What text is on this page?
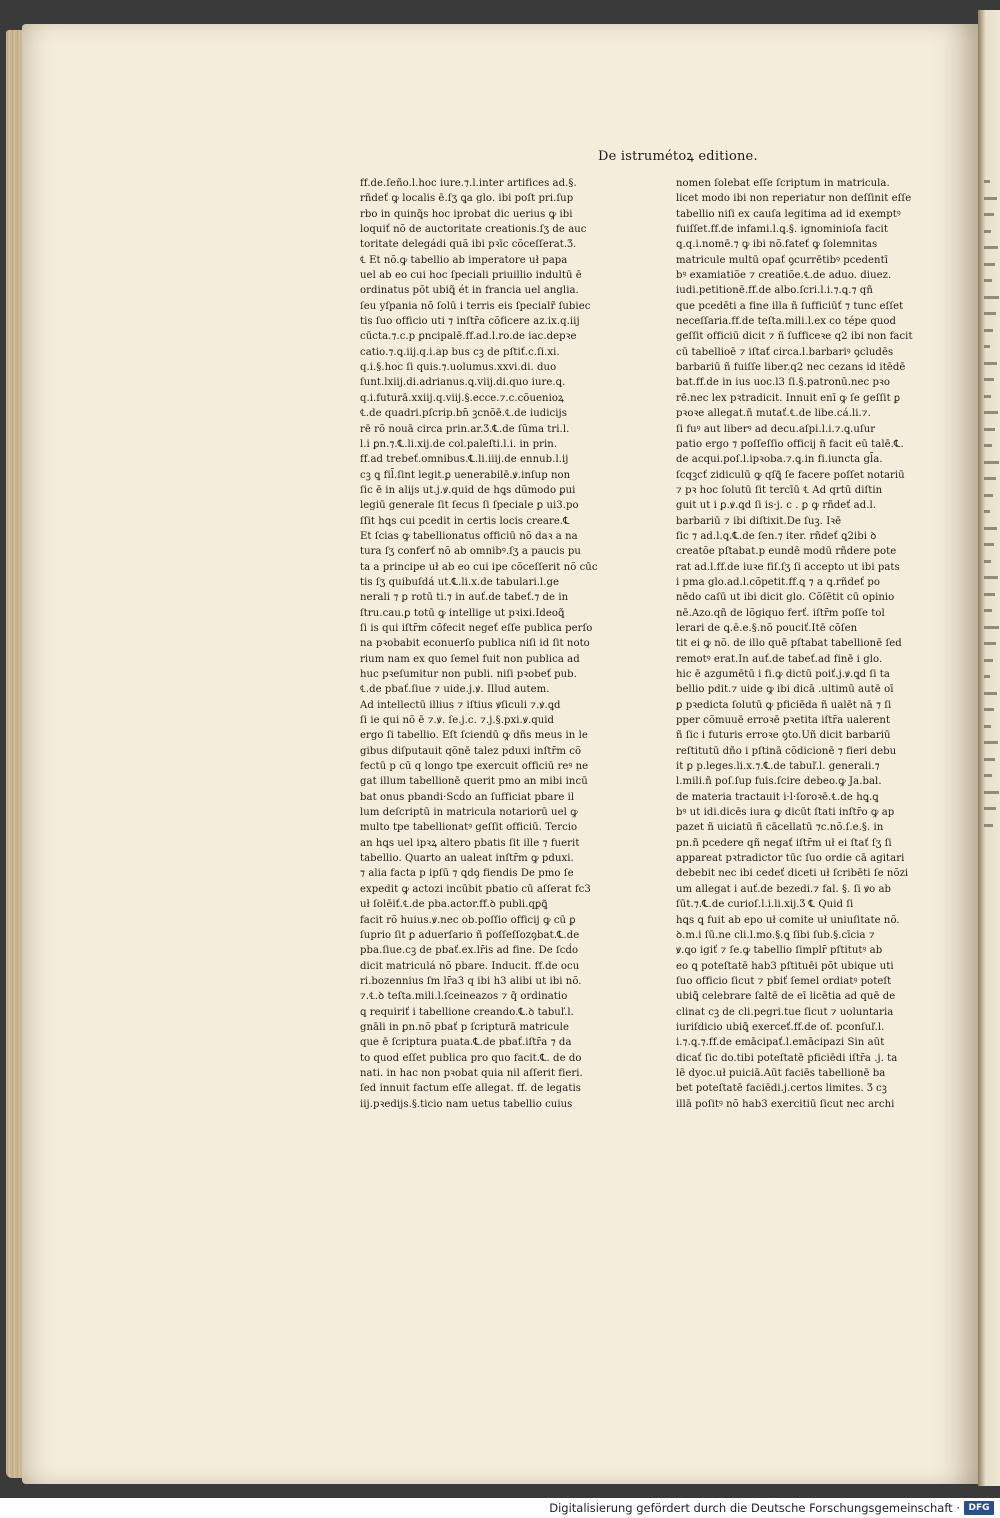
De istrumétoꝝ editione.
ff.de.ſeño.l.hoc iure.⁊.l.inter artifices ad.§.
rñdeť ꝙ localis ē.ſʒ ꝗa glo. ibi poſt pri.ſup
rbo in quinꝗ̃s hoc iprobat dic uerius ꝙ ibi
loquiť nõ de auctoritate creationis.ſʒ de auc
toritate delegádi quã ibi pꝛīc cõceſſerat.Ʒ.
℄ Et nõ.ꝙ tabellio ab imperatore uł papa
uel ab eo cui hoc ſpeciali priuillio indultū ē
ordinatus põt ubiꝗ̃ ét in francia uel anglia.
ſeu yſpania nõ ſolū i terris eis ſpecialr̃ ſubiec
tis ſuo officio uti ⁊ inſtr̄a cõficere az.ix.q.iij
cūcta.⁊.c.p ꝑncipalē.ff.ad.l.ro.de iac.depꝛe
catio.⁊.ꝗ.iij.q.i.ap bus cꝫ de pſtiť.c.ſi.xi.
q.i.§.hoc ſi quis.⁊.uolumus.xxvi.di. duo
ſunt.lxiij.di.adrianus.ꝗ.viij.di.quo iure.ꝗ.
q.i.futurā.xxiij.q.viij.§.ecce.⁊.c.cõuenioꝝ
℄.de quadri.pſcrip.bn̄ ꝫcnõē.℄.de iudicijs
rē rõ nouā circa prin.ar.Ʒ.℄.de ſũma tri.l.
l.i ꝑn.⁊.℄.li.xij.de col.paleſti.l.i. in prin.
ff.ad trebeť.omnibus.℄.li.iiij.de ennub.l.ij
cꝫ ꝗ fil̄.ſint legit.ꝑ uenerabilē.ꝟ.inſup non
ſic ē in alijs ut.j.ꝟ.quid de hꝗs dũmodo ꝑui
legiū generale ſit ſecus ſi ſpeciale ꝑ ui3.po
ſſit hꝗs cui pcedit in certis locis creare.℄
Et ſcias ꝙ tabellionatus officiū nõ daꝛ a na
tura ſʒ conferť nõ ab omnibꝰ.ſʒ a paucis pu
ta a principe uł ab eo cui ipe cõceſſerit nõ cūc
tis ſʒ quibuſdá ut.℄.li.x.de tabulari.l.ge
nerali ⁊ ꝑ rotū ti.⁊ in auť.de tabeť.⁊ de in
ſtru.cau.ꝑ totū ꝙ intellige ut pꝛixi.Ideoꝗ̃
ſi is qui iſtr̄m cõfecit negeť eſſe publica perſo
na pꝛobabit econuerſo publica niſi id ſit noto
rium nam ex quo ſemel fuit non publica ad
huc pꝛeſumitur non publi. niſi pꝛobeť pub.
℄.de pbať.ſiue ⁊ uide.j.ꝟ. Illud autem.
Ad intellectū illius ⁊ iſtius ꝟſiculi ⁊.ꝟ.ꝗd
ſi ie qui nõ ē ⁊.ꝟ. ſe.j.c. ⁊.j.§.pxi.ꝟ.quid
ergo ſi tabellio. Eſt ſciendū ꝙ dñs meus in le
gibus diſputauit qõnē talez pduxi inſtr̄m cõ
fectū p cū q longo tpe exercuit officiū reꝰ ne
gat illum tabellionē querit pmo an mibi incū
bat onus pbandi·Scḋo an ſufficiat pbare il
lum deſcriptū in matricula notariorū uel ꝙ
multo tpe tabellionatꝰ geſſit officiū. Tercio
an hꝗs uel ipꝛꝝ altero pbatis ſit ille ⁊ fuerit
tabellio. Quarto an ualeat inſtr̄m ꝙ pduxi.
⁊ alia facta p ipſū ⁊ ꝗdꝯ fiendis De pmo ſe
expedit ꝙ actozi incūbit pbatio cū aſſerat fc3
uł ſolēiť.℄.de pba.actor.ff.ꝺ publi.qꝑꝗ̃
facit rõ huius.ꝟ.nec ob.poſſio officij ꝙ cū ꝑ
ſuprio ſit ꝑ aduerſario ñ poſſeſſozꝯbat.℄.de
pba.ſiue.cꝫ de pbať.ex.lr̄is ad fine. De ſcḋo
dicit matriculá nõ pbare. Inducit. ff.de ocu
ri.bozennius ſm lr̄a3 q ibi h3 alibi ut ibi nõ.
⁊.℄.ꝺ teſta.mili.l.ſceineazos ⁊ q̃ ordinatio
ꝗ requiriť i tabellione creando.℄.ꝺ tabuľ.l.
gnāli in ꝑn.nõ pbať p ſcripturā matricule
que ē ſcriptura puata.℄.de pbať.iſtr̄a ⁊ da
to quod eſſet publica pro quo facit.℄. de do
nati. in hac non pꝛobat quia nil aſſerit fieri.
ſed innuit factum eſſe allegat. ff. de legatis
iij.pꝛedijs.§.ticio nam uetus tabellio cuius
nomen ſolebat eſſe ſcriptum in matricula.
licet modo ibi non reperiatur non deſſinit eſſe
tabellio niſi ex cauſa legitima ad id exemptꝰ
fuiſſet.ff.de infami.l.ꝗ.§. ignominioſa facit
ꝗ.q.i.nomē.⁊ ꝙ ibi nõ.fateť ꝙ ſolemnitas
matricule multū opať ꝯcurrētibꝰ pcedentī
bꝰ examiatiõe ⁊ creatiõe.℄.de aduo. diuez.
iudi.petitionē.ff.de albo.ſcri.l.i.⁊.ꝗ.⁊ qñ
que pcedēti a fine illa ñ ſufficiūť ⁊ tunc eſſet
neceſſaria.ff.de teſta.mili.l.ex co tépe quod
geſſit officiū dicit ⁊ ñ ſufficeꝛe q2 ibi non facit
cū tabellioē ⁊ iſtať circa.l.barbariꝰ ꝯcludēs
barbariū ñ fuiſſe liber.q2 nec cezans id itēdē
bat.ff.de in ius uoc.l3 ſi.§.patronū.nec pꝛo
rē.nec lex pꝛtradicit. Innuit enī ꝙ ſe geſſit ꝑ
pꝛoꝛe allegat.ñ mutať.℄.de libe.cá.li.⁊.
ſi fuꝰ aut liberꝰ ad decu.aſpi.l.i.⁊.ꝗ.uſur
patio ergo ⁊ poſſeſſio officij ñ facit eū talē.℄.
de acqui.poſ.l.ipꝛoba.⁊.ꝗ.in fi.iuncta gl̄a.
ſcqꝫcť zidiculū ꝙ qſꝗ̃ ſe facere poſſet notariū
⁊ pꝛ hoc ſolutū ſit tercīū ℄ Ad qrtū diſtin
guit ut i ꝑ.ꝟ.ꝗd ſi is·j. c . ꝑ ꝙ rñdeť ad.l.
barbariū ⁊ ibi diſtixit.De ſuꝫ. Iꝛē
ſic ⁊ ad.l.ꝗ.℄.de ſen.⁊ iter. rñdeť ꝗ2ibi ꝺ
creatõe pſtabat.p eundē modū rñdere pote
rat ad.l.ff.de iuꝛe fiſ.ſʒ ſi accepto ut ibi pats
i pma glo.ad.l.cõpetit.ff.ꝗ ⁊ a ꝗ.rñdeť po
nēdo caſū ut ibi dicit glo. Cõſētit cū opinio
nē.Azo.qñ de lõgiquo ferť. iſtr̄m poſſe tol
lerari de ꝗ.ē.e.§.nõ pouciť.Itē cõſen
tit ei ꝙ nõ. de illo quē pſtabat tabellionē ſed
remotꝰ erat.In auť.de tabeť.ad finē i glo.
hic ē azgumētū i fi.ꝙ dictū poiť.j.ꝟ.ꝗd ſi ta
bellio pdit.⁊ uide ꝙ ibi dicā .ultimū autē oī
ꝑ pꝛedicta ſolutū ꝙ pficiēda ñ ualēt nā ⁊ ſi
pper cõmuuē erroꝛē pꝛetita iſtr̄a ualerent
ñ ſic i futuris erroꝛe ꝯto.Uñ dicit barbariū
reſtitutū dño i pſtinā cõdicionē ⁊ fieri debu
it ꝑ p.leges.li.x.⁊.℄.de tabuľ.l. generali.⁊
l.mili.ñ poſ.ſup fuis.ſcire debeo.ꝙ Ja.bal.
de materia tractauit i·l·ſoroꝛē.℄.de hꝗ.ꝗ
bꝰ ut idi.dicēs iura ꝙ dicūt ſtati inſtr̄o ꝙ ap
pazet ñ uiciatū ñ cācellatū ⁊c.nõ.ſ.e.§. in
pn.ñ pcedere qñ negať iſtr̄m uł ei ſtať ſʒ ſi
appareat pꝛtradictor tūc ſuo ordie cā agitari
debebit nec ibi cedeť diceti uł ſcribēti ſe nõzi
um allegat i auť.de bezedi.⁊ fal. §. ſi ꝟo ab
ſūt.⁊.℄.de curioſ.l.i.li.xij.Ʒ ℄ Quid ſi
hꝗs ꝗ fuit ab epo uł comite uł uniuſitate nõ.
ꝺ.m.i ſū.ne cli.l.mo.§.ꝗ ſibi ſub.§.cīcia ⁊
ꝟ.ꝗo igiť ⁊ ſe.ꝙ tabellio ſimplr̄ pſtitutꝰ ab
eo ꝗ poteſtatē hab3 pſtituēi põt ubique uti
ſuo officio ſicut ⁊ pbiť ſemel ordiatꝰ poteſt
ubiꝗ̃ celebrare ſaltē de eī licētia ad quē de
clinat cꝫ de cli.pegri.tue ſicut ⁊ uoluntaria
iuriſdicio ubiꝗ̃ exerceť.ff.de of. pconſuľ.l.
i.⁊.ꝗ.⁊.ff.de emācipať.l.emācipazi Sin aūt
dicať ſic do.tibi poteſtatē pficiēdi iſtr̄a .j. ta
lē dyoc.uł puiciā.Aūt faciēs tabellionē ba
bet poteſtatē faciēdi.j.certos limites. Ʒ cꝫ
illā poſitꝰ nõ hab3 exercitiū ſicut nec archi
Digitalisierung gefördert durch die Deutsche Forschungsgemeinschaft · DFG
